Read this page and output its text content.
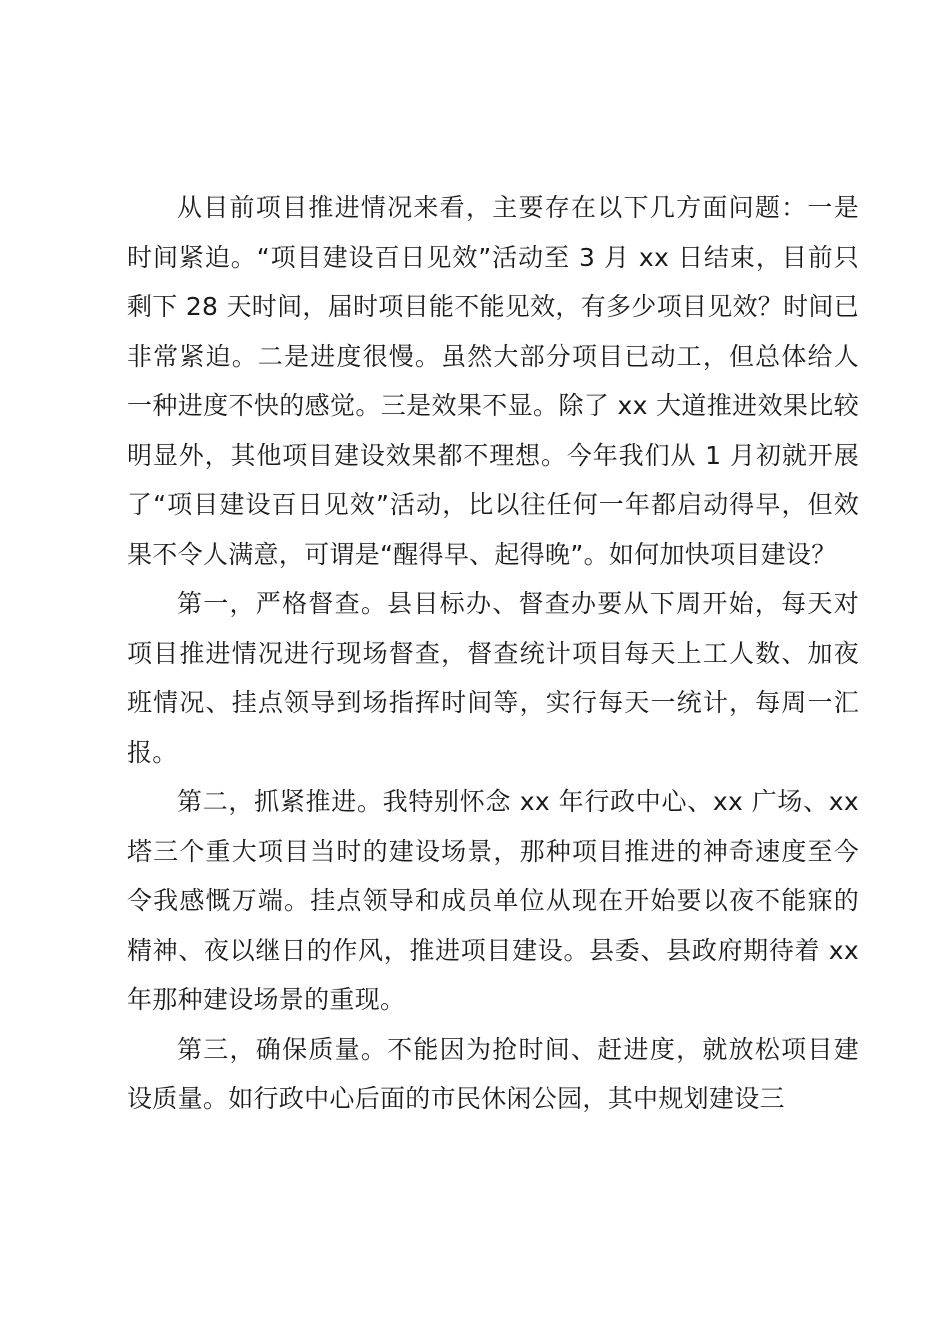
从目前项目推进情况来看，主要存在以下几方面问题：一是时间紧迫。“项目建设百日见效”活动至 3 月 xx 日结束，目前只剩下 28 天时间，届时项目能不能见效，有多少项目见效？时间已非常紧迫。二是进度很慢。虽然大部分项目已动工，但总体给人一种进度不快的感觉。三是效果不显。除了 xx 大道推进效果比较明显外，其他项目建设效果都不理想。今年我们从 1 月初就开展了“项目建设百日见效”活动，比以往任何一年都启动得早，但效果不令人满意，可谓是“醒得早、起得晚”。如何加快项目建设？

第一，严格督查。县目标办、督查办要从下周开始，每天对项目推进情况进行现场督查，督查统计项目每天上工人数、加夜班情况、挂点领导到场指挥时间等，实行每天一统计，每周一汇报。

第二，抓紧推进。我特别怀念 xx 年行政中心、xx 广场、xx 塔三个重大项目当时的建设场景，那种项目推进的神奇速度至今令我感慨万端。挂点领导和成员单位从现在开始要以夜不能寐的精神、夜以继日的作风，推进项目建设。县委、县政府期待着 xx 年那种建设场景的重现。

第三，确保质量。不能因为抢时间、赶进度，就放松项目建设质量。如行政中心后面的市民休闲公园，其中规划建设三
